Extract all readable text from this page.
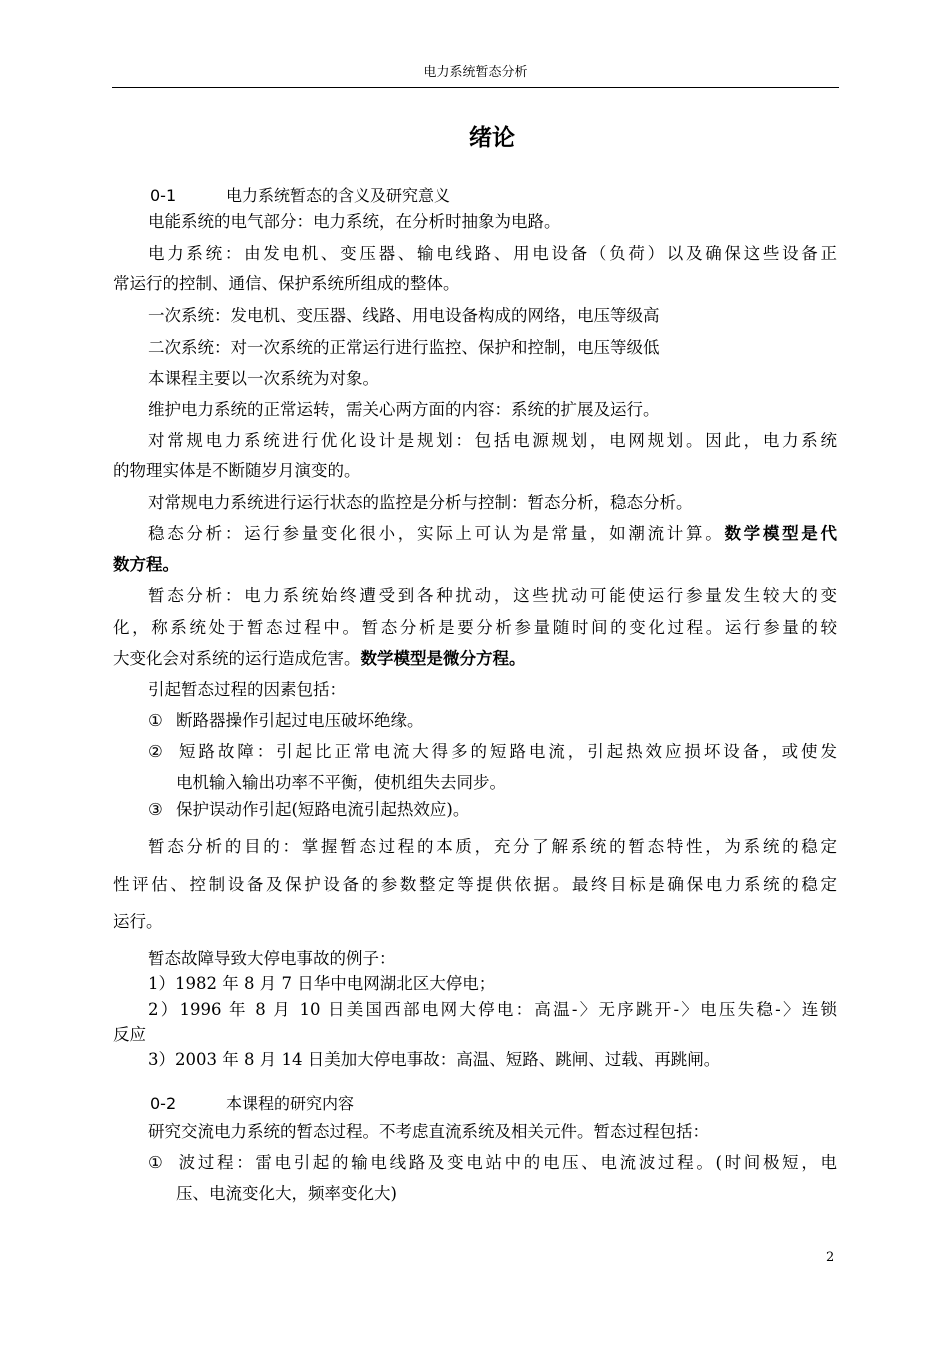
电力系统暂态分析
绪论
0-1	电力系统暂态的含义及研究意义
电能系统的电气部分：电力系统，在分析时抽象为电路。
电力系统：由发电机、变压器、输电线路、用电设备（负荷）以及确保这些设备正
常运行的控制、通信、保护系统所组成的整体。
一次系统：发电机、变压器、线路、用电设备构成的网络，电压等级高
二次系统：对一次系统的正常运行进行监控、保护和控制，电压等级低
本课程主要以一次系统为对象。
维护电力系统的正常运转，需关心两方面的内容：系统的扩展及运行。
对常规电力系统进行优化设计是规划：包括电源规划，电网规划。因此，电力系统
的物理实体是不断随岁月演变的。
对常规电力系统进行运行状态的监控是分析与控制：暂态分析，稳态分析。
稳态分析：运行参量变化很小，实际上可认为是常量，如潮流计算。数学模型是代
数方程。
暂态分析：电力系统始终遭受到各种扰动，这些扰动可能使运行参量发生较大的变
化，称系统处于暂态过程中。暂态分析是要分析参量随时间的变化过程。运行参量的较
大变化会对系统的运行造成危害。数学模型是微分方程。
引起暂态过程的因素包括：
① 断路器操作引起过电压破坏绝缘。
② 短路故障：引起比正常电流大得多的短路电流，引起热效应损坏设备，或使发
电机输入输出功率不平衡，使机组失去同步。
③ 保护误动作引起(短路电流引起热效应)。
暂态分析的目的：掌握暂态过程的本质，充分了解系统的暂态特性，为系统的稳定
性评估、控制设备及保护设备的参数整定等提供依据。最终目标是确保电力系统的稳定
运行。
暂态故障导致大停电事故的例子：
1）1982 年 8 月 7 日华中电网湖北区大停电；
2）1996 年 8 月 10 日美国西部电网大停电：高温-〉无序跳开-〉电压失稳-〉连锁
反应
3）2003 年 8 月 14 日美加大停电事故：高温、短路、跳闸、过载、再跳闸。
0-2	本课程的研究内容
研究交流电力系统的暂态过程。不考虑直流系统及相关元件。暂态过程包括：
① 波过程：雷电引起的输电线路及变电站中的电压、电流波过程。(时间极短，电
压、电流变化大，频率变化大)
2
